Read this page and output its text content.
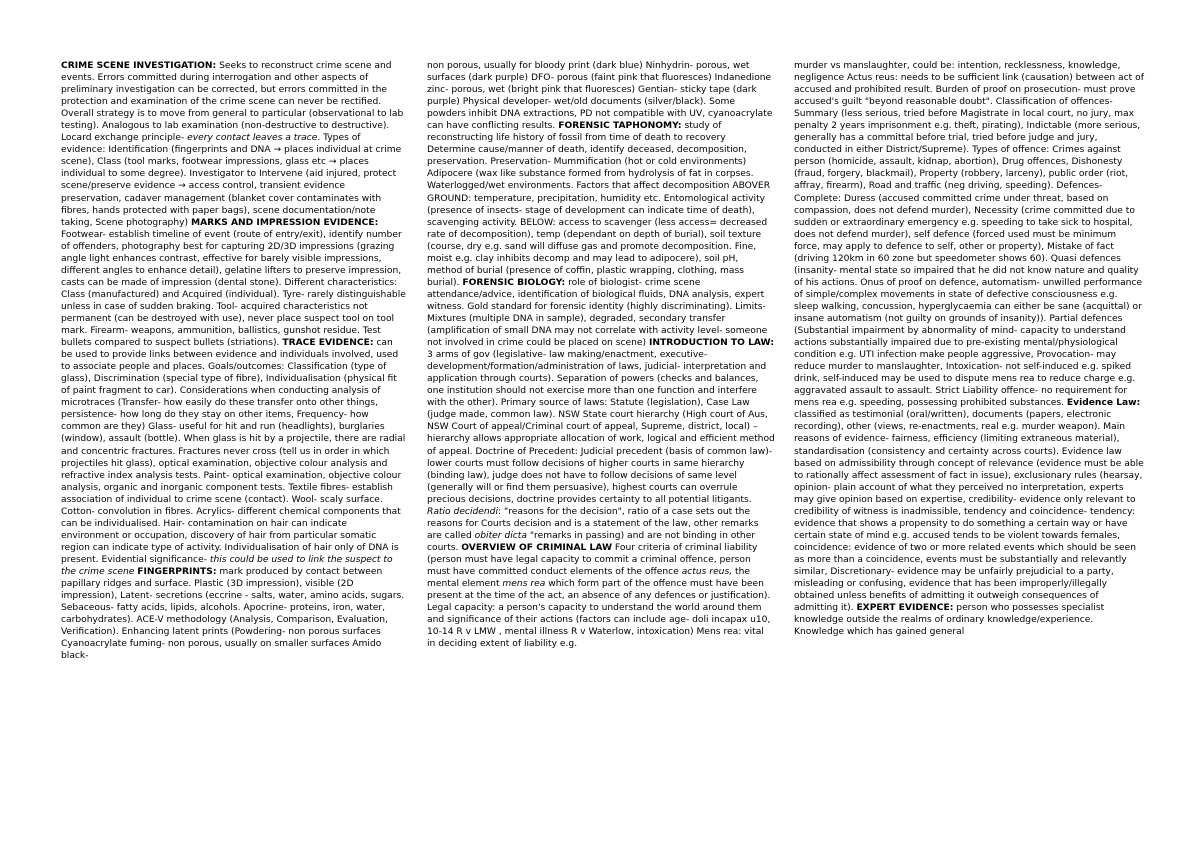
CRIME SCENE INVESTIGATION: Seeks to reconstruct crime scene and events. Errors committed during interrogation and other aspects of preliminary investigation can be corrected, but errors committed in the protection and examination of the crime scene can never be rectified. Overall strategy is to move from general to particular (observational to lab testing). Analogous to lab examination (non-destructive to destructive). Locard exchange principle- every contact leaves a trace. Types of evidence: Identification (fingerprints and DNA → places individual at crime scene), Class (tool marks, footwear impressions, glass etc → places individual to some degree). Investigator to Intervene (aid injured, protect scene/preserve evidence → access control, transient evidence preservation, cadaver management (blanket cover contaminates with fibres, hands protected with paper bags), scene documentation/note taking, Scene photography) MARKS AND IMPRESSION EVIDENCE: Footwear- establish timeline of event (route of entry/exit), identify number of offenders, photography best for capturing 2D/3D impressions (grazing angle light enhances contrast, effective for barely visible impressions, different angles to enhance detail), gelatine lifters to preserve impression, casts can be made of impression (dental stone). Different characteristics: Class (manufactured) and Acquired (individual). Tyre- rarely distinguishable unless in case of sudden braking. Tool- acquired characteristics not permanent (can be destroyed with use), never place suspect tool on tool mark. Firearm- weapons, ammunition, ballistics, gunshot residue. Test bullets compared to suspect bullets (striations). TRACE EVIDENCE: can be used to provide links between evidence and individuals involved, used to associate people and places. Goals/outcomes: Classification (type of glass), Discrimination (special type of fibre), Individualisation (physical fit of paint fragment to car). Considerations when conducting analysis of microtraces (Transfer- how easily do these transfer onto other things, persistence- how long do they stay on other items, Frequency- how common are they) Glass- useful for hit and run (headlights), burglaries (window), assault (bottle). When glass is hit by a projectile, there are radial and concentric fractures. Fractures never cross (tell us in order in which projectiles hit glass), optical examination, objective colour analysis and refractive index analysis tests. Paint- optical examination, objective colour analysis, organic and inorganic component tests. Textile fibres- establish association of individual to crime scene (contact). Wool- scaly surface. Cotton- convolution in fibres. Acrylics- different chemical components that can be individualised. Hair- contamination on hair can indicate environment or occupation, discovery of hair from particular somatic region can indicate type of activity. Individualisation of hair only of DNA is present. Evidential significance- this could be used to link the suspect to the crime scene FINGERPRINTS: mark produced by contact between papillary ridges and surface. Plastic (3D impression), visible (2D impression), Latent- secretions (eccrine - salts, water, amino acids, sugars. Sebaceous- fatty acids, lipids, alcohols. Apocrine- proteins, iron, water, carbohydrates). ACE-V methodology (Analysis, Comparison, Evaluation, Verification). Enhancing latent prints (Powdering- non porous surfaces Cyanoacrylate fuming- non porous, usually on smaller surfaces Amido black-

non porous, usually for bloody print (dark blue) Ninhydrin- porous, wet surfaces (dark purple) DFO- porous (faint pink that fluoresces) Indanedione zinc- porous, wet (bright pink that fluoresces) Gentian- sticky tape (dark purple) Physical developer- wet/old documents (silver/black). Some powders inhibit DNA extractions, PD not compatible with UV, cyanoacrylate can have conflicting results. FORENSIC TAPHONOMY: study of reconstructing life history of fossil from time of death to recovery Determine cause/manner of death, identify deceased, decomposition, preservation. Preservation- Mummification (hot or cold environments) Adipocere (wax like substance formed from hydrolysis of fat in corpses. Waterlogged/wet environments. Factors that affect decomposition ABOVER GROUND: temperature, precipitation, humidity etc. Entomological activity (presence of insects- stage of development can indicate time of death), scavenging activity. BELOW: access to scavenger (less access= decreased rate of decomposition), temp (dependant on depth of burial), soil texture (course, dry e.g. sand will diffuse gas and promote decomposition. Fine, moist e.g. clay inhibits decomp and may lead to adipocere), soil pH, method of burial (presence of coffin, plastic wrapping, clothing, mass burial). FORENSIC BIOLOGY: role of biologist- crime scene attendance/advice, identification of biological fluids, DNA analysis, expert witness. Gold standard for forensic identity (highly discriminating). Limits- Mixtures (multiple DNA in sample), degraded, secondary transfer (amplification of small DNA may not correlate with activity level- someone not involved in crime could be placed on scene) INTRODUCTION TO LAW: 3 arms of gov (legislative- law making/enactment, executive- development/formation/administration of laws, judicial- interpretation and application through courts). Separation of powers (checks and balances, one institution should not exercise more than one function and interfere with the other). Primary source of laws: Statute (legislation), Case Law (judge made, common law). NSW State court hierarchy (High court of Aus, NSW Court of appeal/Criminal court of appeal, Supreme, district, local) – hierarchy allows appropriate allocation of work, logical and efficient method of appeal. Doctrine of Precedent: Judicial precedent (basis of common law)- lower courts must follow decisions of higher courts in same hierarchy (binding law), judge does not have to follow decisions of same level (generally will or find them persuasive), highest courts can overrule precious decisions, doctrine provides certainty to all potential litigants. Ratio decidendi: "reasons for the decision", ratio of a case sets out the reasons for Courts decision and is a statement of the law, other remarks are called obiter dicta "remarks in passing) and are not binding in other courts. OVERVIEW OF CRIMINAL LAW Four criteria of criminal liability (person must have legal capacity to commit a criminal offence, person must have committed conduct elements of the offence actus reus, the mental element mens rea which form part of the offence must have been present at the time of the act, an absence of any defences or justification). Legal capacity: a person's capacity to understand the world around them and significance of their actions (factors can include age- doli incapax u10, 10-14 R v LMW , mental illness R v Waterlow, intoxication) Mens rea: vital in deciding extent of liability e.g.

murder vs manslaughter, could be: intention, recklessness, knowledge, negligence Actus reus: needs to be sufficient link (causation) between act of accused and prohibited result. Burden of proof on prosecution- must prove accused's guilt "beyond reasonable doubt". Classification of offences- Summary (less serious, tried before Magistrate in local court, no jury, max penalty 2 years imprisonment e.g. theft, pirating), Indictable (more serious, generally has a committal before trial, tried before judge and jury, conducted in either District/Supreme). Types of offence: Crimes against person (homicide, assault, kidnap, abortion), Drug offences, Dishonesty (fraud, forgery, blackmail), Property (robbery, larceny), public order (riot, affray, firearm), Road and traffic (neg driving, speeding). Defences- Complete: Duress (accused committed crime under threat, based on compassion, does not defend murder), Necessity (crime committed due to sudden or extraordinary emergency e.g. speeding to take sick to hospital, does not defend murder), self defence (forced used must be minimum force, may apply to defence to self, other or property), Mistake of fact (driving 120km in 60 zone but speedometer shows 60). Quasi defences (insanity- mental state so impaired that he did not know nature and quality of his actions. Onus of proof on defence, automatism- unwilled performance of simple/complex movements in state of defective consciousness e.g. sleep walking, concussion, hyperglycaemia can either be sane (acquittal) or insane automatism (not guilty on grounds of insanity)). Partial defences (Substantial impairment by abnormality of mind- capacity to understand actions substantially impaired due to pre-existing mental/physiological condition e.g. UTI infection make people aggressive, Provocation- may reduce murder to manslaughter, Intoxication- not self-induced e.g. spiked drink, self-induced may be used to dispute mens rea to reduce charge e.g. aggravated assault to assault. Strict Liability offence- no requirement for mens rea e.g. speeding, possessing prohibited substances. Evidence Law: classified as testimonial (oral/written), documents (papers, electronic recording), other (views, re-enactments, real e.g. murder weapon). Main reasons of evidence- fairness, efficiency (limiting extraneous material), standardisation (consistency and certainty across courts). Evidence law based on admissibility through concept of relevance (evidence must be able to rationally affect assessment of fact in issue), exclusionary rules (hearsay, opinion- plain account of what they perceived no interpretation, experts may give opinion based on expertise, credibility- evidence only relevant to credibility of witness is inadmissible, tendency and coincidence- tendency: evidence that shows a propensity to do something a certain way or have certain state of mind e.g. accused tends to be violent towards females, coincidence: evidence of two or more related events which should be seen as more than a coincidence, events must be substantially and relevantly similar, Discretionary- evidence may be unfairly prejudicial to a party, misleading or confusing, evidence that has been improperly/illegally obtained unless benefits of admitting it outweigh consequences of admitting it). EXPERT EVIDENCE: person who possesses specialist knowledge outside the realms of ordinary knowledge/experience. Knowledge which has gained general
